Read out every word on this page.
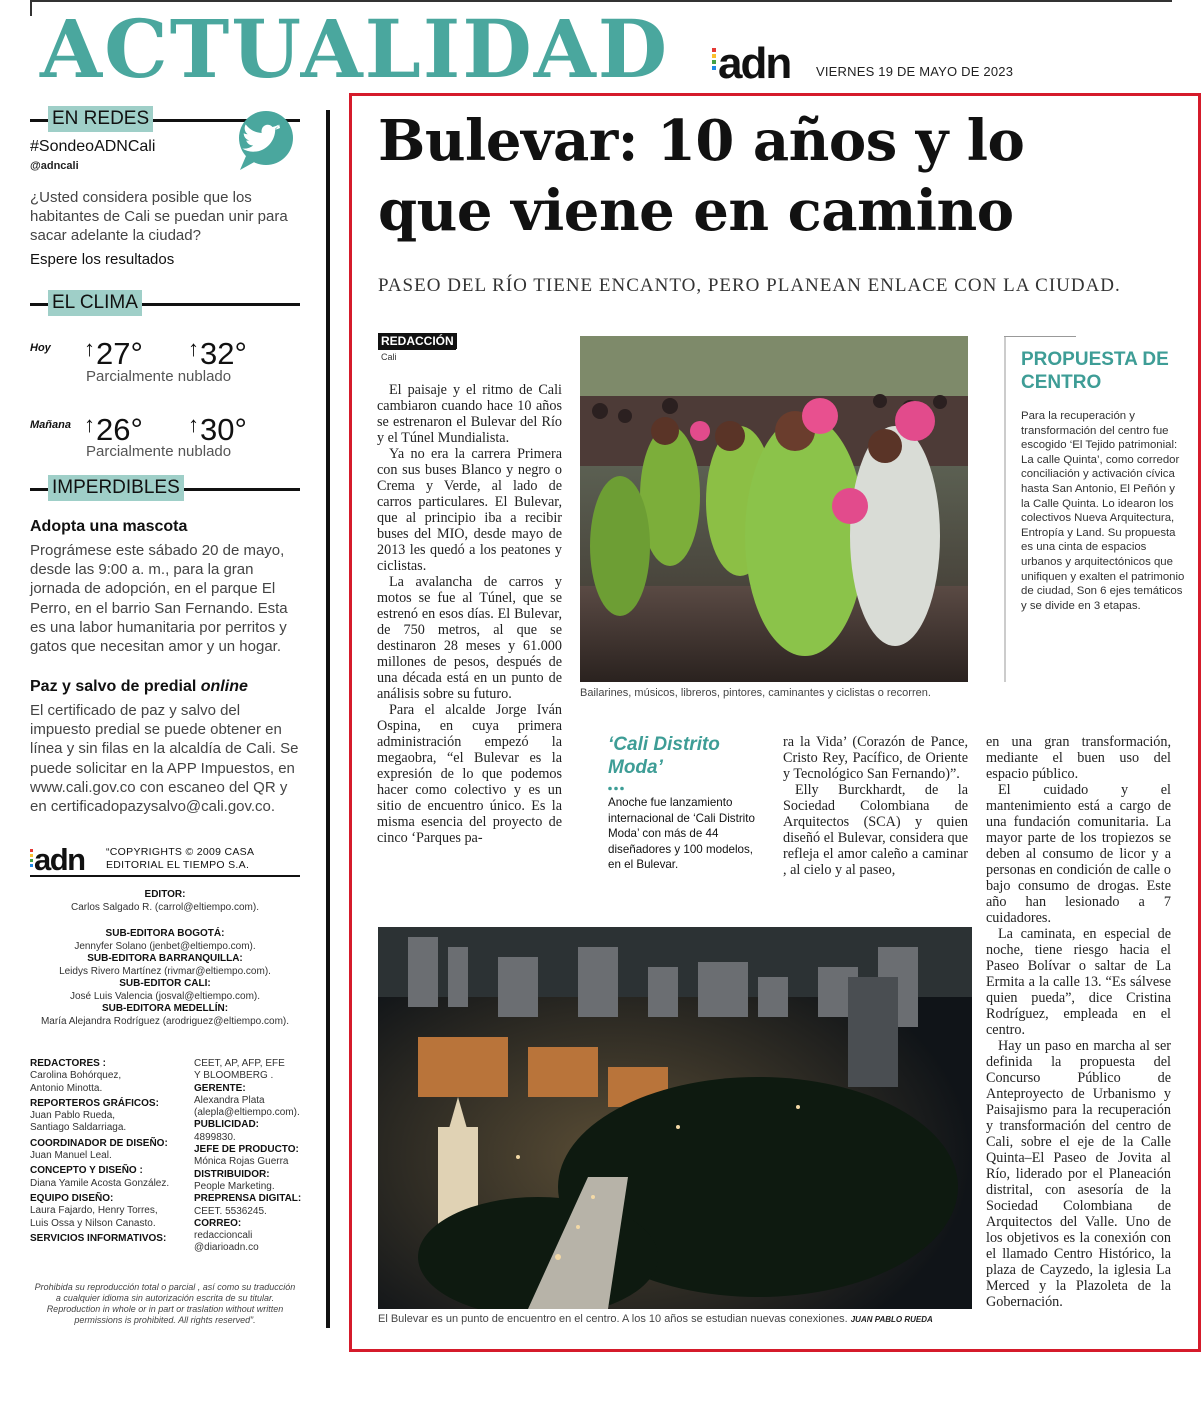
ACTUALIDAD adn VIERNES 19 DE MAYO DE 2023
EN REDES
#SondeoADNCali
@adncali
¿Usted considera posible que los habitantes de Cali se puedan unir para sacar adelante la ciudad?
Espere los resultados
EL CLIMA
Hoy ↑27° ↑32°
Parcialmente nublado
Mañana ↑26° ↑30°
Parcialmente nublado
IMPERDIBLES
Adopta una mascota
Prográmese este sábado 20 de mayo, desde las 9:00 a. m., para la gran jornada de adopción, en el parque El Perro, en el barrio San Fernando. Esta es una labor humanitaria por perritos y gatos que necesitan amor y un hogar.
Paz y salvo de predial online
El certificado de paz y salvo del impuesto predial se puede obtener en línea y sin filas en la alcaldía de Cali. Se puede solicitar en la APP Impuestos, en www.cali.gov.co con escaneo del QR y en certificadopazysalvo@cali.gov.co.
adn “COPYRIGHTS © 2009 CASA
EDITORIAL EL TIEMPO S.A.
EDITOR:
Carlos Salgado R. (carrol@eltiempo.com).
SUB-EDITORA BOGOTÁ:
Jennyfer Solano (jenbet@eltiempo.com).
SUB-EDITORA BARRANQUILLA:
Leidys Rivero Martínez (rivmar@eltiempo.com).
SUB-EDITOR CALI:
José Luis Valencia (josval@eltiempo.com).
SUB-EDITORA MEDELLÍN:
María Alejandra Rodríguez (arodriguez@eltiempo.com).
REDACTORES :
Carolina Bohórquez,
Antonio Minotta.
REPORTEROS GRÁFICOS:
Juan Pablo Rueda,
Santiago Saldarriaga.
COORDINADOR DE DISEÑO:
Juan Manuel Leal.
CONCEPTO Y DISEÑO :
Diana Yamile Acosta González.
EQUIPO DISEÑO:
Laura Fajardo, Henry Torres,
Luis Ossa y Nilson Canasto.
SERVICIOS INFORMATIVOS:
CEET, AP, AFP, EFE
Y BLOOMBERG .
GERENTE:
Alexandra Plata
(alepla@eltiempo.com).
PUBLICIDAD:
4899830.
JEFE DE PRODUCTO:
Mónica Rojas Guerra
DISTRIBUIDOR:
People Marketing.
PREPRENSA DIGITAL:
CEET. 5536245.
CORREO:
redaccioncali
@diarioadn.co
Prohibida su reproducción total o parcial , así como su traducción
a cualquier idioma sin autorización escrita de su titular.
Reproduction in whole or in part or traslation without written
permissions is prohibited. All rights reserved”.
Bulevar: 10 años y lo
que viene en camino
PASEO DEL RÍO TIENE ENCANTO, PERO PLANEAN ENLACE CON LA CIUDAD.
REDACCIÓN
Cali

El paisaje y el ritmo de Cali cambiaron cuando hace 10 años se estrenaron el Bulevar del Río y el Túnel Mundialista.

Ya no era la carrera Primera con sus buses Blanco y negro o Crema y Verde, al lado de carros particulares. El Bulevar, que al principio iba a recibir buses del MIO, desde mayo de 2013 les quedó a los peatones y ciclistas.

La avalancha de carros y motos se fue al Túnel, que se estrenó en esos días. El Bulevar, de 750 metros, al que se destinaron 28 meses y 61.000 millones de pesos, después de una década está en un punto de análisis sobre su futuro.

Para el alcalde Jorge Iván Ospina, en cuya primera administración empezó la megaobra, “el Bulevar es la expresión de lo que podemos hacer como colectivo y es un sitio de encuentro único. Es la misma esencia del proyecto de cinco ‘Parques pa-

Bailarines, músicos, libreros, pintores, caminantes y ciclistas o recorren.
PROPUESTA DE CENTRO
Para la recuperación y transformación del centro fue escogido ‘El Tejido patrimonial: La calle Quinta’, como corredor conciliación y activación cívica hasta San Antonio, El Peñón y la Calle Quinta. Lo idearon los colectivos Nueva Arquitectura, Entropía y Land. Su propuesta es una cinta de espacios urbanos y arquitectónicos que unifiquen y exalten el patrimonio de ciudad, Son 6 ejes temáticos y se divide en 3 etapas.
‘Cali Distrito
Moda’
Anoche fue lanzamiento internacional de ‘Cali Distrito Moda’ con más de 44 diseñadores y 100 modelos, en el Bulevar.

ra la Vida’ (Corazón de Pance, Cristo Rey, Pacífico, de Oriente y Tecnológico San Fernando)”.

Elly Burckhardt, de la Sociedad Colombiana de Arquitectos (SCA) y quien diseñó el Bulevar, considera que refleja el amor caleño a caminar , al cielo y al paseo,

en una gran transformación, mediante el buen uso del espacio público.

El cuidado y el mantenimiento está a cargo de una fundación comunitaria. La mayor parte de los tropiezos se deben al consumo de licor y a personas en condición de calle o bajo consumo de drogas. Este año han lesionado a 7 cuidadores.

La caminata, en especial de noche, tiene riesgo hacia el Paseo Bolívar o saltar de La Ermita a la calle 13. “Es sálvese quien pueda”, dice Cristina Rodríguez, empleada en el centro.

Hay un paso en marcha al ser definida la propuesta del Concurso Público de Anteproyecto de Urbanismo y Paisajismo para la recuperación y transformación del centro de Cali, sobre el eje de la Calle Quinta–El Paseo de Jovita al Río, liderado por el Planeación distrital, con asesoría de la Sociedad Colombiana de Arquitectos del Valle. Uno de los objetivos es la conexión con el llamado Centro Histórico, la plaza de Cayzedo, la iglesia La Merced y la Plazoleta de la Gobernación.

El Bulevar es un punto de encuentro en el centro. A los 10 años se estudian nuevas conexiones. JUAN PABLO RUEDA
